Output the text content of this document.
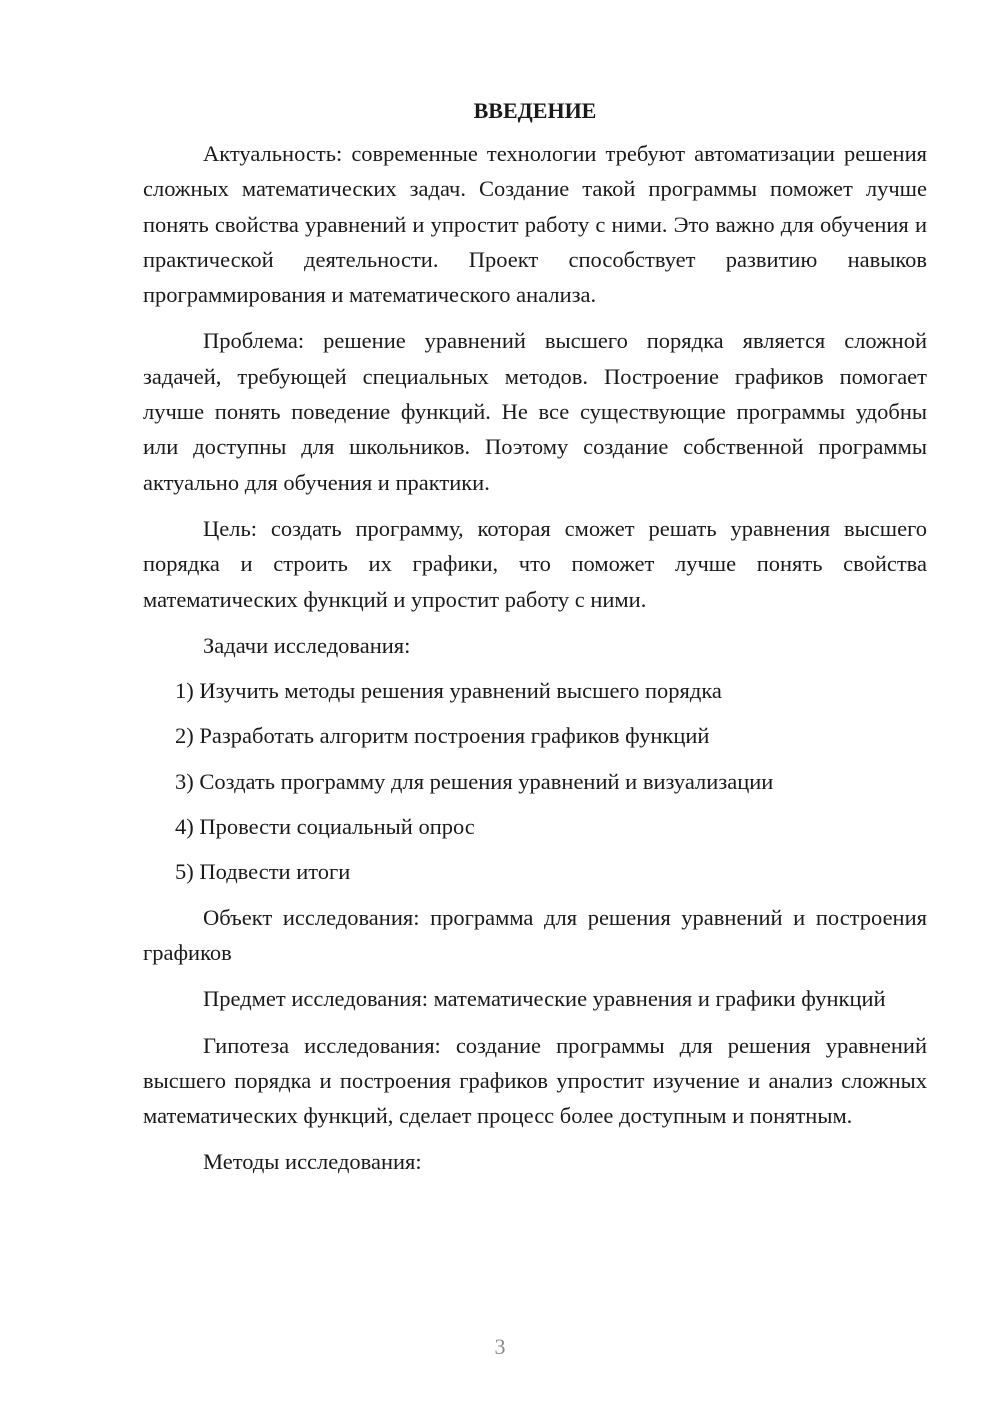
ВВЕДЕНИЕ

Актуальность: современные технологии требуют автоматизации решения сложных математических задач. Создание такой программы поможет лучше понять свойства уравнений и упростит работу с ними. Это важно для обучения и практической деятельности. Проект способствует развитию навыков программирования и математического анализа.

Проблема: решение уравнений высшего порядка является сложной задачей, требующей специальных методов. Построение графиков помогает лучше понять поведение функций. Не все существующие программы удобны или доступны для школьников. Поэтому создание собственной программы актуально для обучения и практики.

Цель: создать программу, которая сможет решать уравнения высшего порядка и строить их графики, что поможет лучше понять свойства математических функций и упростит работу с ними.

Задачи исследования:

1) Изучить методы решения уравнений высшего порядка
2) Разработать алгоритм построения графиков функций
3) Создать программу для решения уравнений и визуализации
4) Провести социальный опрос
5) Подвести итоги

Объект исследования: программа для решения уравнений и построения графиков

Предмет исследования: математические уравнения и графики функций

Гипотеза исследования: создание программы для решения уравнений высшего порядка и построения графиков упростит изучение и анализ сложных математических функций, сделает процесс более доступным и понятным.

Методы исследования:

3
